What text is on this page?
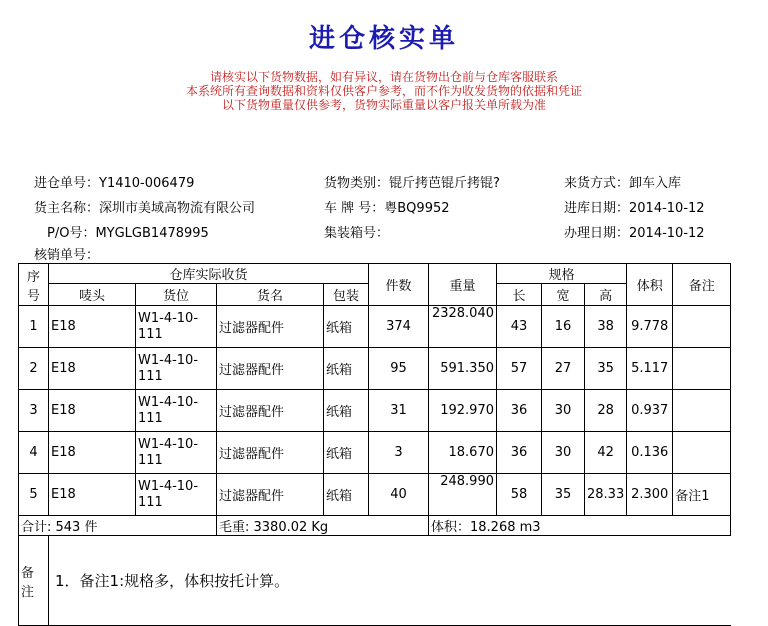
进仓核实单
请核实以下货物数据，如有异议，请在货物出仓前与仓库客服联系
本系统所有查询数据和资料仅供客户参考，而不作为收发货物的依据和凭证
以下货物重量仅供参考，货物实际重量以客户报关单所载为准
进仓单号：Y1410-006479
货主名称：深圳市美域高物流有限公司
P/O号：MYGLGB1478995
核销单号：
货物类别：锟斤拷芭锟斤拷锟?
车 牌 号：粤BQ9952
集装箱号：
来货方式：卸车入库
进库日期：2014-10-12
办理日期：2014-10-12
序号	仓库实际收货				件数	重量	规格			体积	备注
	唛头	货位	货名	包装			长	宽	高		
1	E18	W1-4-10-111	过滤器配件	纸箱	374	2328.040	43	16	38	9.778	
2	E18	W1-4-10-111	过滤器配件	纸箱	95	591.350	57	27	35	5.117	
3	E18	W1-4-10-111	过滤器配件	纸箱	31	192.970	36	30	28	0.937	
4	E18	W1-4-10-111	过滤器配件	纸箱	3	18.670	36	30	42	0.136	
5	E18	W1-4-10-111	过滤器配件	纸箱	40	248.990	58	35	28.33	2.300	备注1
合计: 543 件			毛重: 3380.02 Kg			体积：18.268 m3					
备注	1．备注1:规格多，体积按托计算。										
